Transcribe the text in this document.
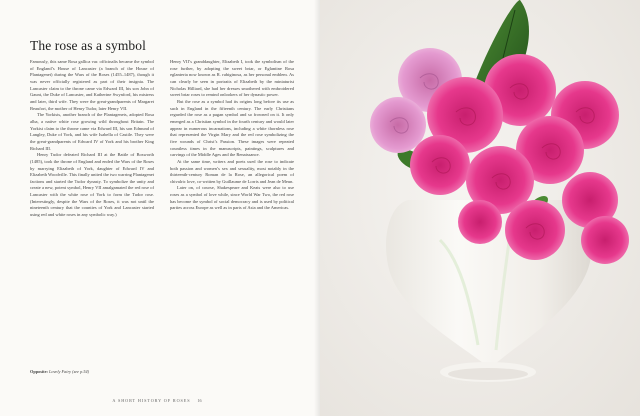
The rose as a symbol

Famously, this same Rosa gallica var. officinalis became the symbol of England’s House of Lancaster (a branch of the House of Plantagenet) during the Wars of the Roses (1455–1487), though it was never officially registered as part of their insignia. The Lancaster claim to the throne came via Edward III, his son John of Gaunt, the Duke of Lancaster, and Katherine Swynford, his mistress and later, third wife. They were the great-grandparents of Margaret Beaufort, the mother of Henry Tudor, later Henry VII.

The Yorkists, another branch of the Plantagenets, adopted Rosa alba, a native white rose growing wild throughout Britain. The Yorkist claim to the throne came via Edward III, his son Edmund of Langley, Duke of York, and his wife Isabella of Castile. They were the great-grandparents of Edward IV of York and his brother King Richard III.

Henry Tudor defeated Richard III at the Battle of Bosworth (1485), took the throne of England and ended the Wars of the Roses by marrying Elizabeth of York, daughter of Edward IV and Elizabeth Woodville. This finally united the two warring Plantagenet factions and started the Tudor dynasty. To symbolize the unity and create a new, potent symbol, Henry VII amalgamated the red rose of Lancaster with the white rose of York to form the Tudor rose. (Interestingly, despite the Wars of the Roses, it was not until the nineteenth century that the counties of York and Lancaster started using red and white roses in any symbolic way.)

Henry VII’s granddaughter, Elizabeth I, took the symbolism of the rose further, by adopting the sweet briar, or Eglantine Rosa eglanteria now known as R. rubiginosa, as her personal emblem. As can clearly be seen in portraits of Elizabeth by the miniaturist Nicholas Hilliard, she had her dresses smothered with embroidered sweet briar roses to remind onlookers of her dynastic power.

But the rose as a symbol had its origins long before its use as such in England in the fifteenth century. The early Christians regarded the rose as a pagan symbol and so frowned on it. It only emerged as a Christian symbol in the fourth century and would later appear in numerous incarnations, including a white thornless rose that represented the Virgin Mary and the red rose symbolizing the five wounds of Christ’s Passion. These images were repeated countless times in the manuscripts, paintings, sculptures and carvings of the Middle Ages and the Renaissance.

At the same time, writers and poets used the rose to indicate both passion and women’s sex and sexuality, most notably in the thirteenth-century Roman de la Rose, an allegorical poem of chivalric love, co-written by Guillaume de Lorris and Jean de Meun.

Later on, of course, Shakespeare and Keats were also to use roses as a symbol of love while, since World War Two, the red rose has become the symbol of social democracy and is used by political parties across Europe as well as in parts of Asia and the Americas.

Opposite: Lovely Fairy (see p.54)
A SHORT HISTORY OF ROSES 16
